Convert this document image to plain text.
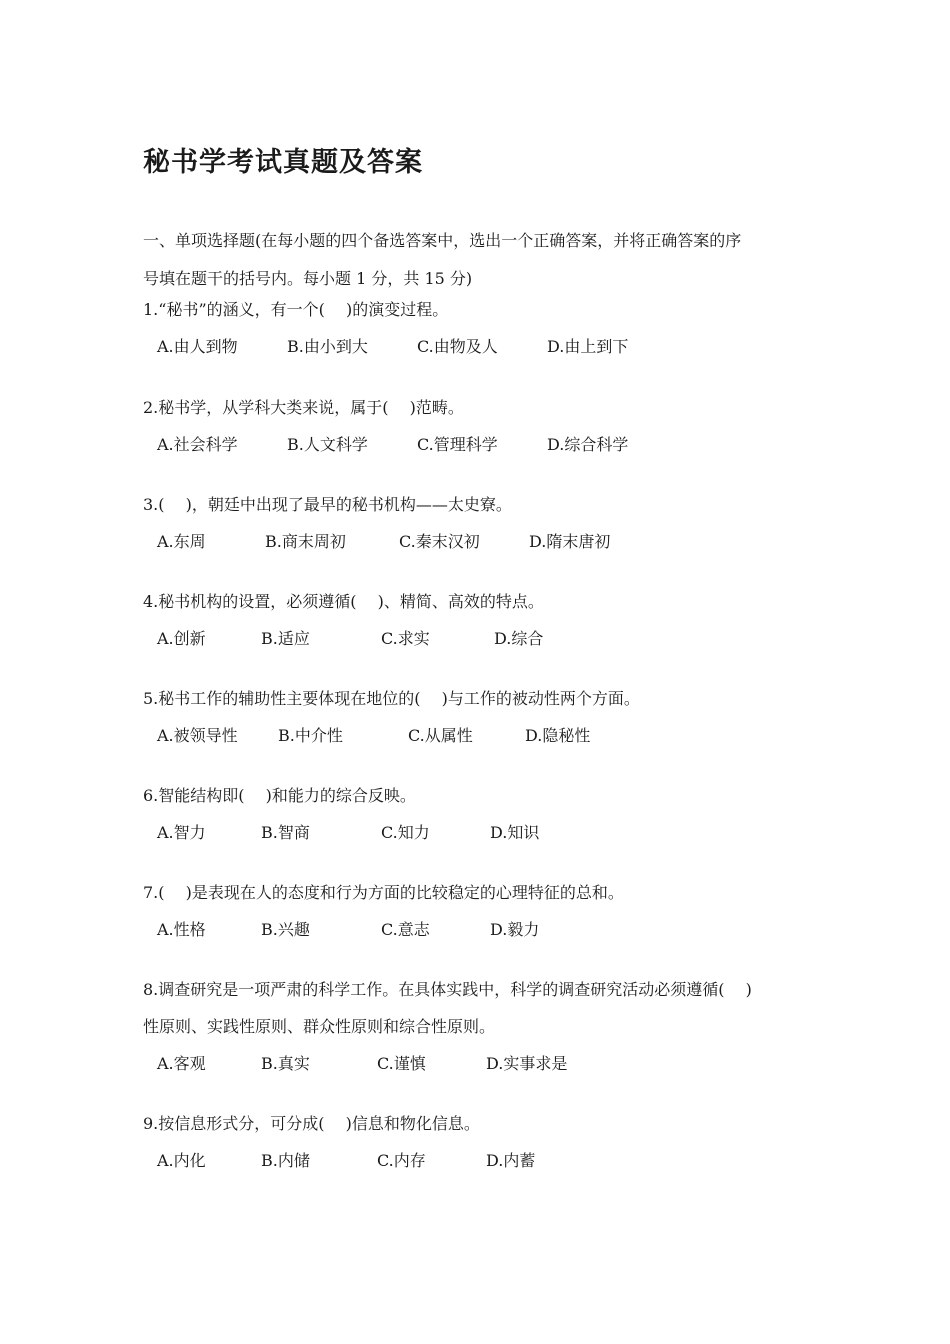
秘书学考试真题及答案
一、单项选择题(在每小题的四个备选答案中，选出一个正确答案，并将正确答案的序
号填在题干的括号内。每小题 1 分，共 15 分)
1.“秘书”的涵义，有一个(　 )的演变过程。
A.由人到物	B.由小到大	C.由物及人	D.由上到下
2.秘书学，从学科大类来说，属于(　 )范畴。
A.社会科学	B.人文科学	C.管理科学	D.综合科学
3.(　 )，朝廷中出现了最早的秘书机构——太史寮。
A.东周	B.商末周初	C.秦末汉初	D.隋末唐初
4.秘书机构的设置，必须遵循(　 )、精简、高效的特点。
A.创新	B.适应	C.求实	D.综合
5.秘书工作的辅助性主要体现在地位的(　 )与工作的被动性两个方面。
A.被领导性	B.中介性	C.从属性	D.隐秘性
6.智能结构即(　 )和能力的综合反映。
A.智力	B.智商	C.知力	D.知识
7.(　 )是表现在人的态度和行为方面的比较稳定的心理特征的总和。
A.性格	B.兴趣	C.意志	D.毅力
8.调查研究是一项严肃的科学工作。在具体实践中，科学的调查研究活动必须遵循(　 )
性原则、实践性原则、群众性原则和综合性原则。
A.客观	B.真实	C.谨慎	D.实事求是
9.按信息形式分，可分成(　 )信息和物化信息。
A.内化	B.内储	C.内存	D.内蓄
